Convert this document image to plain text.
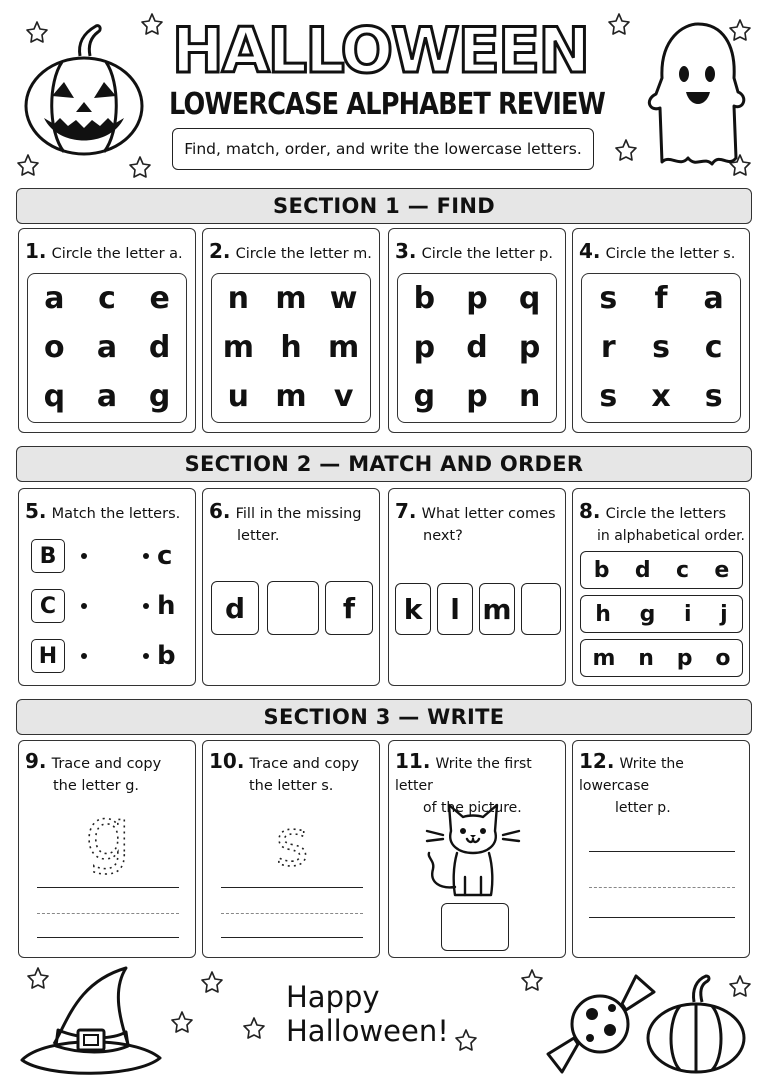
HALLOWEEN
LOWERCASE ALPHABET REVIEW
Find, match, order, and write the lowercase letters.
SECTION 1 — FIND
1. Circle the letter a.
a c e
o a d
q a g
2. Circle the letter m.
n m w
m h m
u m v
3. Circle the letter p.
b p q
p d p
g p n
4. Circle the letter s.
s f a
r s c
s x s
SECTION 2 — MATCH AND ORDER
5. Match the letters.
B	c
C	h
H	b
6. Fill in the missing
letter.
d	f
7. What letter comes
next?
k l m
8. Circle the letters
in alphabetical order.
b d c e
h g i j
m n p o
SECTION 3 — WRITE
9. Trace and copy
the letter g.
g
10. Trace and copy
the letter s.
s
11. Write the first letter
of the picture.
12. Write the lowercase
letter p.
Happy Halloween!
